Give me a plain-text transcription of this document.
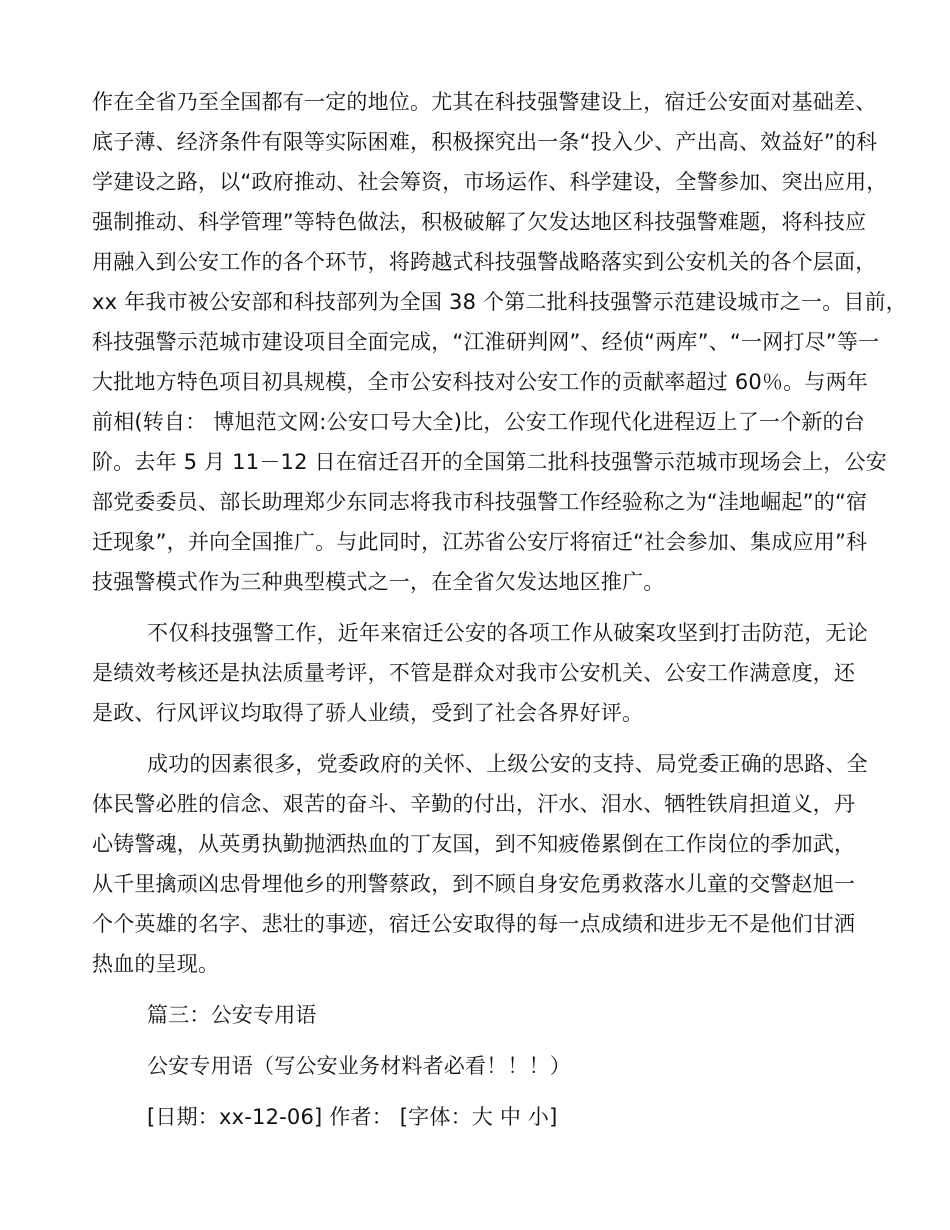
作在全省乃至全国都有一定的地位。尤其在科技强警建设上，宿迁公安面对基础差、
底子薄、经济条件有限等实际困难，积极探究出一条“投入少、产出高、效益好”的科
学建设之路，以“政府推动、社会筹资，市场运作、科学建设，全警参加、突出应用，
强制推动、科学管理”等特色做法，积极破解了欠发达地区科技强警难题，将科技应
用融入到公安工作的各个环节，将跨越式科技强警战略落实到公安机关的各个层面，
xx 年我市被公安部和科技部列为全国 38 个第二批科技强警示范建设城市之一。目前，
科技强警示范城市建设项目全面完成，“江淮研判网”、经侦“两库”、“一网打尽”等一
大批地方特色项目初具规模，全市公安科技对公安工作的贡献率超过 60％。与两年
前相(转自： 博旭范文网:公安口号大全)比，公安工作现代化进程迈上了一个新的台
阶。去年 5 月 11－12 日在宿迁召开的全国第二批科技强警示范城市现场会上，公安
部党委委员、部长助理郑少东同志将我市科技强警工作经验称之为“洼地崛起”的“宿
迁现象”，并向全国推广。与此同时，江苏省公安厅将宿迁“社会参加、集成应用”科
技强警模式作为三种典型模式之一，在全省欠发达地区推广。
不仅科技强警工作，近年来宿迁公安的各项工作从破案攻坚到打击防范，无论
是绩效考核还是执法质量考评，不管是群众对我市公安机关、公安工作满意度，还
是政、行风评议均取得了骄人业绩，受到了社会各界好评。
成功的因素很多，党委政府的关怀、上级公安的支持、局党委正确的思路、全
体民警必胜的信念、艰苦的奋斗、辛勤的付出，汗水、泪水、牺牲铁肩担道义，丹
心铸警魂，从英勇执勤抛洒热血的丁友国，到不知疲倦累倒在工作岗位的季加武，
从千里擒顽凶忠骨埋他乡的刑警蔡政，到不顾自身安危勇救落水儿童的交警赵旭一
个个英雄的名字、悲壮的事迹，宿迁公安取得的每一点成绩和进步无不是他们甘洒
热血的呈现。
篇三：公安专用语
公安专用语（写公安业务材料者必看！！！）
[日期：xx-12-06] 作者： [字体：大 中 小]
